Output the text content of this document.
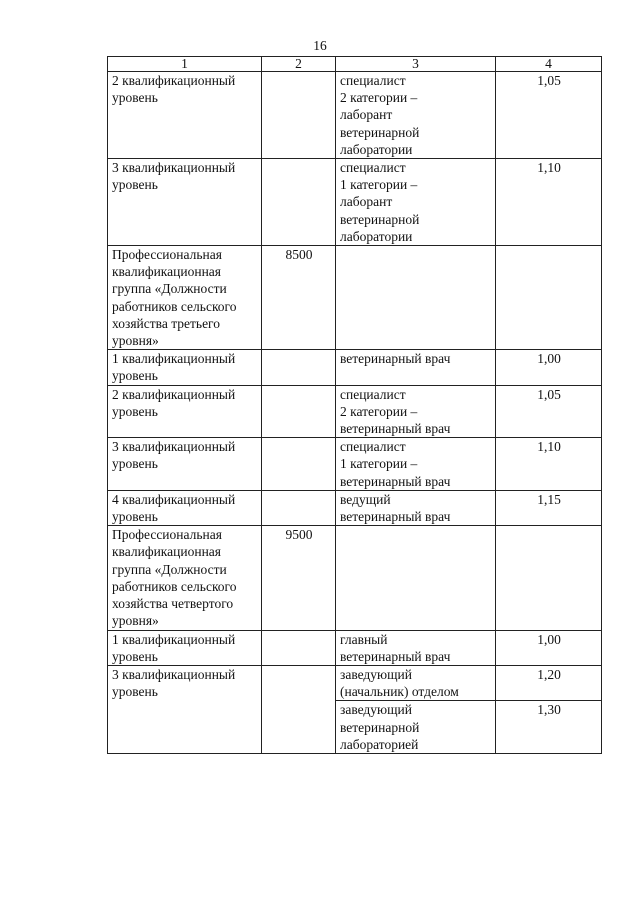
16
1	2	3	4
2 квалификационный уровень		специалист
2 категории –
лаборант
ветеринарной
лаборатории	1,05
3 квалификационный уровень		специалист
1 категории –
лаборант
ветеринарной
лаборатории	1,10
Профессиональная квалификационная группа «Должности работников сельского хозяйства третьего уровня»	8500		
1 квалификационный уровень		ветеринарный врач	1,00
2 квалификационный уровень		специалист
2 категории –
ветеринарный врач	1,05
3 квалификационный уровень		специалист
1 категории –
ветеринарный врач	1,10
4 квалификационный уровень		ведущий
ветеринарный врач	1,15
Профессиональная квалификационная группа «Должности работников сельского хозяйства четвертого уровня»	9500		
1 квалификационный уровень		главный
ветеринарный врач	1,00
3 квалификационный уровень		заведующий
(начальник) отделом	1,20
		заведующий
ветеринарной
лабораторией	1,30
